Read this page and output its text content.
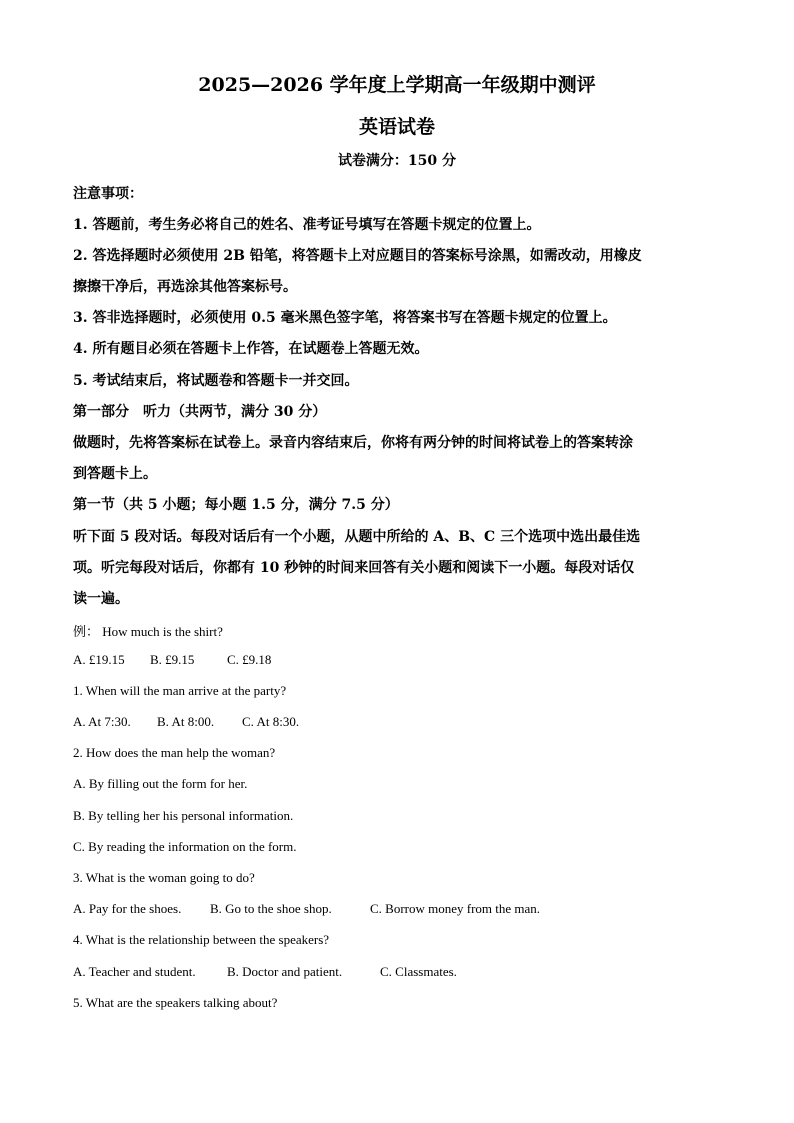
2025—2026 学年度上学期高一年级期中测评
英语试卷
试卷满分：150 分
注意事项：
1. 答题前，考生务必将自己的姓名、准考证号填写在答题卡规定的位置上。
2. 答选择题时必须使用 2B 铅笔，将答题卡上对应题目的答案标号涂黑，如需改动，用橡皮
擦擦干净后，再选涂其他答案标号。
3. 答非选择题时，必须使用 0.5 毫米黑色签字笔，将答案书写在答题卡规定的位置上。
4. 所有题目必须在答题卡上作答，在试题卷上答题无效。
5. 考试结束后，将试题卷和答题卡一并交回。
第一部分　听力（共两节，满分 30 分）
做题时，先将答案标在试卷上。录音内容结束后，你将有两分钟的时间将试卷上的答案转涂
到答题卡上。
第一节（共 5 小题；每小题 1.5 分，满分 7.5 分）
听下面 5 段对话。每段对话后有一个小题，从题中所给的 A、B、C 三个选项中选出最佳选
项。听完每段对话后，你都有 10 秒钟的时间来回答有关小题和阅读下一小题。每段对话仅
读一遍。
例： How much is the shirt?
A. £19.15 B. £9.15	C. £9.18
1. When will the man arrive at the party?
A. At 7:30. B. At 8:00. C. At 8:30.
2. How does the man help the woman?
A. By filling out the form for her.
B. By telling her his personal information.
C. By reading the information on the form.
3. What is the woman going to do?
A. Pay for the shoes. B. Go to the shoe shop.	C. Borrow money from the man.
4. What is the relationship between the speakers?
A. Teacher and student. B. Doctor and patient.	C. Classmates.
5. What are the speakers talking about?
